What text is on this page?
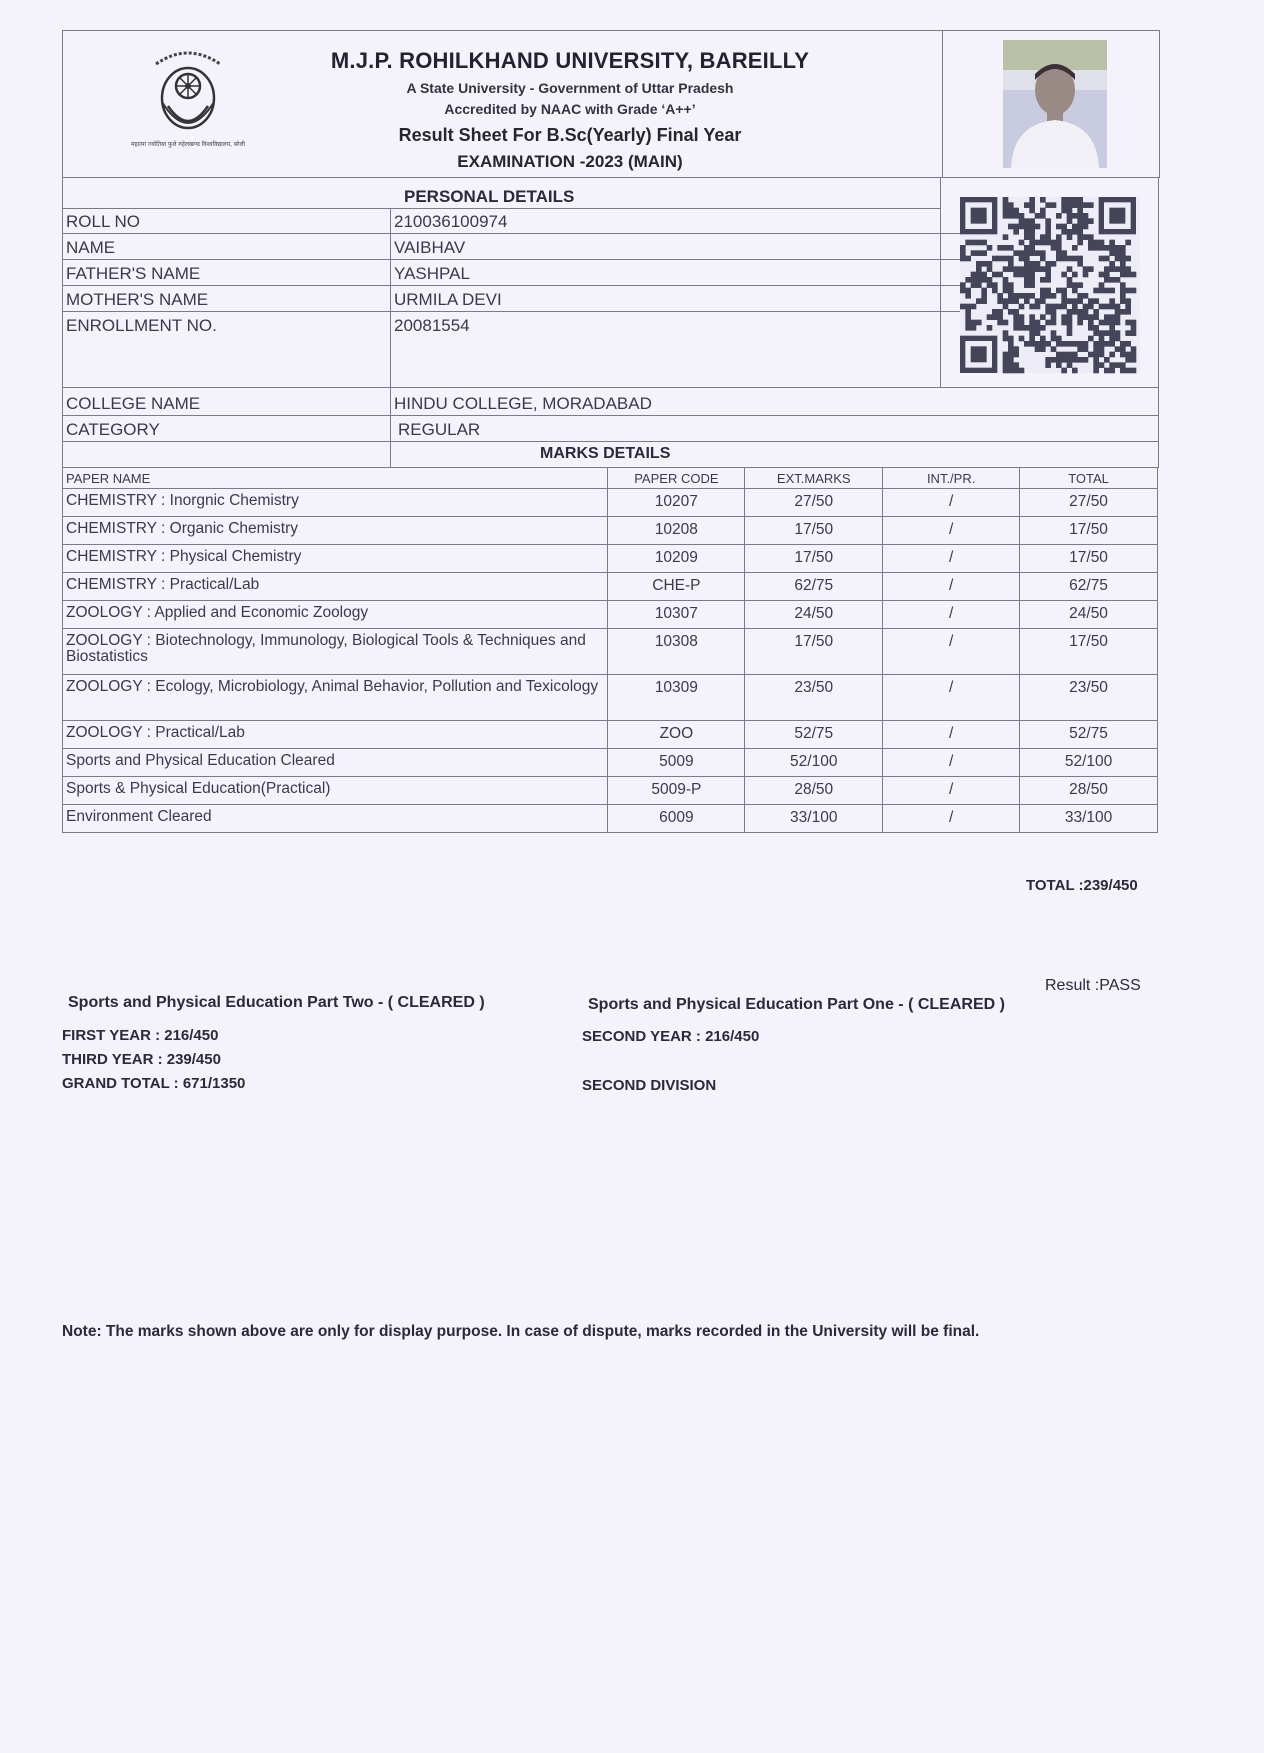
महात्मा ज्योतिबा फुले रुहेलखण्ड विश्वविद्यालय, बरेली
M.J.P. ROHILKHAND UNIVERSITY, BAREILLY
A State University - Government of Uttar Pradesh
Accredited by NAAC with Grade ‘A++’
Result Sheet For B.Sc(Yearly) Final Year
EXAMINATION -2023 (MAIN)
PERSONAL DETAILS
ROLL NO	210036100974
NAME	VAIBHAV
FATHER'S NAME	YASHPAL
MOTHER'S NAME	URMILA DEVI
ENROLLMENT NO.	20081554
COLLEGE NAME	HINDU COLLEGE, MORADABAD
CATEGORY	REGULAR
MARKS DETAILS
PAPER NAME	PAPER CODE	EXT.MARKS	INT./PR.	TOTAL
CHEMISTRY : Inorgnic Chemistry	10207	27/50	/	27/50
CHEMISTRY : Organic Chemistry	10208	17/50	/	17/50
CHEMISTRY : Physical Chemistry	10209	17/50	/	17/50
CHEMISTRY : Practical/Lab	CHE-P	62/75	/	62/75
ZOOLOGY : Applied and Economic Zoology	10307	24/50	/	24/50
ZOOLOGY : Biotechnology, Immunology, Biological Tools & Techniques and Biostatistics	10308	17/50	/	17/50
ZOOLOGY : Ecology, Microbiology, Animal Behavior, Pollution and Texicology	10309	23/50	/	23/50
ZOOLOGY : Practical/Lab	ZOO	52/75	/	52/75
Sports and Physical Education Cleared	5009	52/100	/	52/100
Sports & Physical Education(Practical)	5009-P	28/50	/	28/50
Environment Cleared	6009	33/100	/	33/100
TOTAL :239/450
Result :PASS
Sports and Physical Education Part Two - ( CLEARED )	Sports and Physical Education Part One - ( CLEARED )
FIRST YEAR : 216/450	SECOND YEAR : 216/450
THIRD YEAR : 239/450
GRAND TOTAL : 671/1350	SECOND DIVISION
Note: The marks shown above are only for display purpose. In case of dispute, marks recorded in the University will be final.
